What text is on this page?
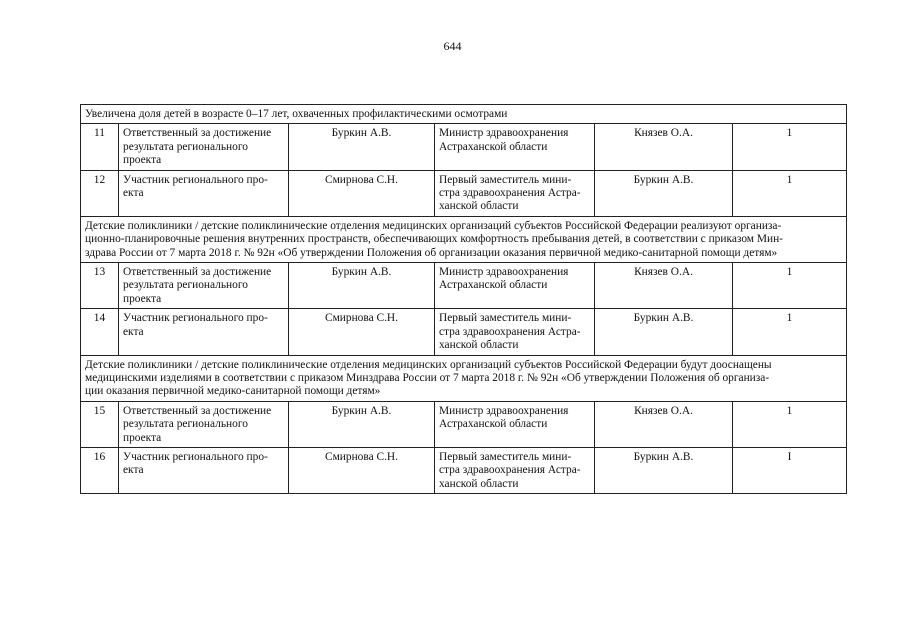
644
Увеличена доля детей в возрасте 0–17 лет, охваченных профилактическими осмотрами					
11	Ответственный за достижение
результата регионального
проекта	Буркин А.В.	Министр здравоохранения
Астраханской области	Князев О.А.	1
12	Участник регионального про-
екта	Смирнова С.Н.	Первый заместитель мини-
стра здравоохранения Астра-
ханской области	Буркин А.В.	1
Детские поликлиники / детские поликлинические отделения медицинских организаций субъектов Российской Федерации реализуют организа-
ционно-планировочные решения внутренних пространств, обеспечивающих комфортность пребывания детей, в соответствии с приказом Мин-
здрава России от 7 марта 2018 г. № 92н «Об утверждении Положения об организации оказания первичной медико-санитарной помощи детям»					
13	Ответственный за достижение
результата регионального
проекта	Буркин А.В.	Министр здравоохранения
Астраханской области	Князев О.А.	1
14	Участник регионального про-
екта	Смирнова С.Н.	Первый заместитель мини-
стра здравоохранения Астра-
ханской области	Буркин А.В.	1
Детские поликлиники / детские поликлинические отделения медицинских организаций субъектов Российской Федерации будут дооснащены
медицинскими изделиями в соответствии с приказом Минздрава России от 7 марта 2018 г. № 92н «Об утверждении Положения об организа-
ции оказания первичной медико-санитарной помощи детям»					
15	Ответственный за достижение
результата регионального
проекта	Буркин А.В.	Министр здравоохранения
Астраханской области	Князев О.А.	1
16	Участник регионального про-
екта	Смирнова С.Н.	Первый заместитель мини-
стра здравоохранения Астра-
ханской области	Буркин А.В.	I
